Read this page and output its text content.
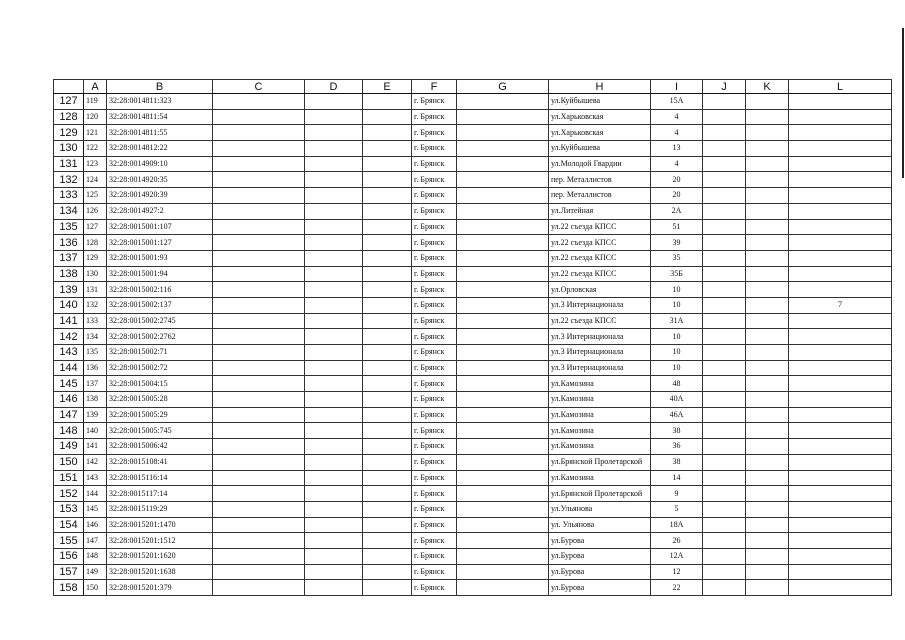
	A	B	C	D	E	F	G	H	I	J	K	L
127	119	32:28:0014811:323				г. Брянск		ул.Куйбышева	15А			
128	120	32:28:0014811:54				г. Брянск		ул.Харьковская	4			
129	121	32:28:0014811:55				г. Брянск		ул.Харьковская	4			
130	122	32:28:0014812:22				г. Брянск		ул.Куйбышева	13			
131	123	32:28:0014909:10				г. Брянск		ул.Молодой Гвардии	4			
132	124	32:28:0014920:35				г. Брянск		пер. Металлистов	20			
133	125	32:28:0014920:39				г. Брянск		пер. Металлистов	20			
134	126	32:28:0014927:2				г. Брянск		ул.Литейная	2А			
135	127	32:28:0015001:107				г. Брянск		ул.22 съезда КПСС	51			
136	128	32:28:0015001:127				г. Брянск		ул.22 съезда КПСС	39			
137	129	32:28:0015001:93				г. Брянск		ул.22 съезда КПСС	35			
138	130	32:28:0015001:94				г. Брянск		ул.22 съезда КПСС	35Б			
139	131	32:28:0015002:116				г. Брянск		ул.Орловская	10			
140	132	32:28:0015002:137				г. Брянск		ул.3 Интернационала	10			7
141	133	32:28:0015002:2745				г. Брянск		ул.22 съезда КПСС	31А			
142	134	32:28:0015002:2762				г. Брянск		ул.3 Интернационала	10			
143	135	32:28:0015002:71				г. Брянск		ул.3 Интернационала	10			
144	136	32:28:0015002:72				г. Брянск		ул.3 Интернационала	10			
145	137	32:28:0015004:15				г. Брянск		ул.Камозина	48			
146	138	32:28:0015005:28				г. Брянск		ул.Камозина	40А			
147	139	32:28:0015005:29				г. Брянск		ул.Камозина	46А			
148	140	32:28:0015005:745				г. Брянск		ул.Камозина	38			
149	141	32:28:0015006:42				г. Брянск		ул.Камозина	36			
150	142	32:28:0015108:41				г. Брянск		ул.Брянской Пролетарской	38			
151	143	32:28:0015116:14				г. Брянск		ул.Камозина	14			
152	144	32:28:0015117:14				г. Брянск		ул.Брянской Пролетарской	9			
153	145	32:28:0015119:29				г. Брянск		ул.Ульянова	5			
154	146	32:28:0015201:1470				г. Брянск		ул. Ульянова	18А			
155	147	32:28:0015201:1512				г. Брянск		ул.Бурова	26			
156	148	32:28:0015201:1620				г. Брянск		ул.Бурова	12А			
157	149	32:28:0015201:1638				г. Брянск		ул.Бурова	12			
158	150	32:28:0015201:379				г. Брянск		ул.Бурова	22			
